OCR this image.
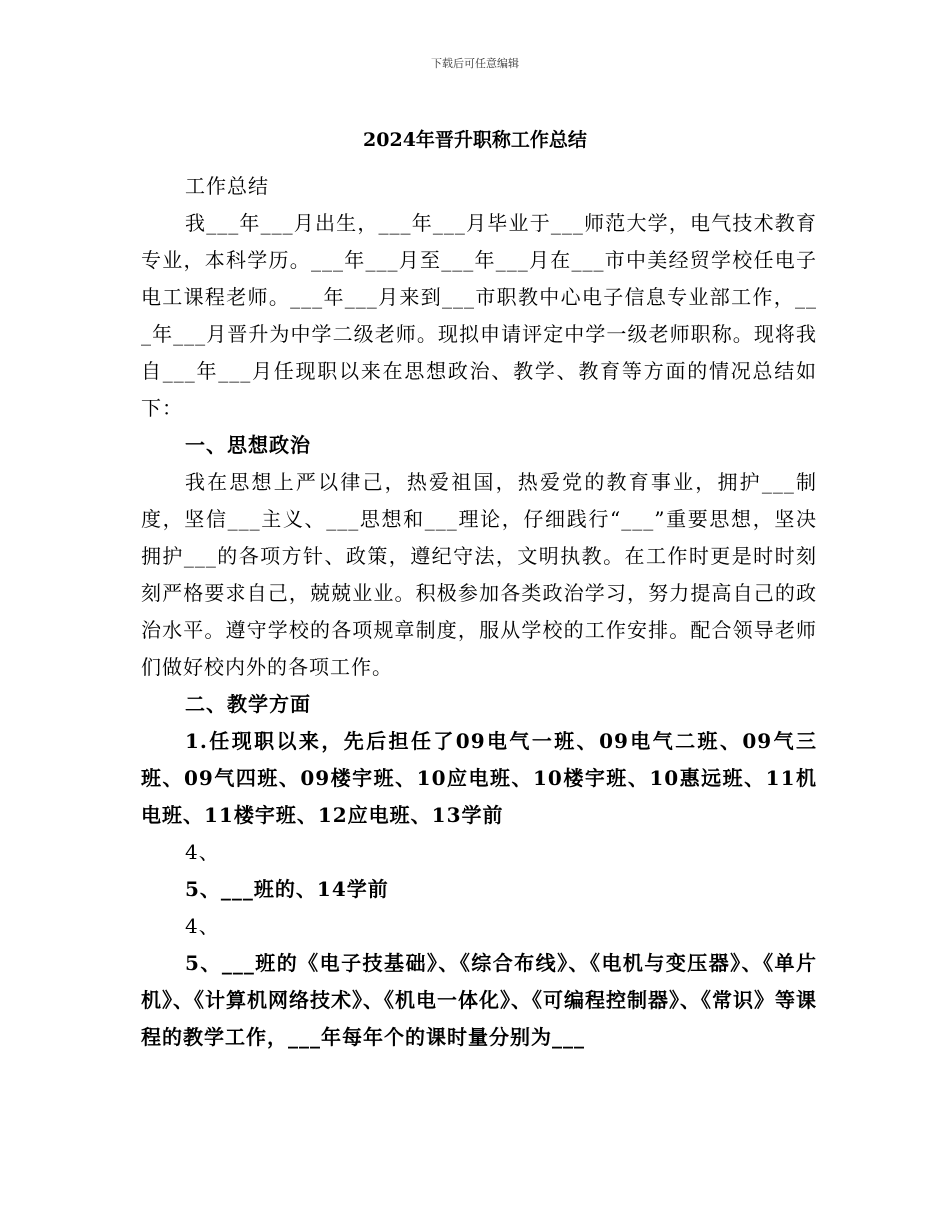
下载后可任意编辑
2024年晋升职称工作总结

工作总结

我___年___月出生，___年___月毕业于___师范大学，电气技术教育专业，本科学历。___年___月至___年___月在___市中美经贸学校任电子电工课程老师。___年___月来到___市职教中心电子信息专业部工作，___年___月晋升为中学二级老师。现拟申请评定中学一级老师职称。现将我自___年___月任现职以来在思想政治、教学、教育等方面的情况总结如下：

一、思想政治

我在思想上严以律己，热爱祖国，热爱党的教育事业，拥护___制度，坚信___主义、___思想和___理论，仔细践行“___”重要思想，坚决拥护___的各项方针、政策，遵纪守法，文明执教。在工作时更是时时刻刻严格要求自己，兢兢业业。积极参加各类政治学习，努力提高自己的政治水平。遵守学校的各项规章制度，服从学校的工作安排。配合领导老师们做好校内外的各项工作。

二、教学方面

1.任现职以来，先后担任了09电气一班、09电气二班、09气三班、09气四班、09楼宇班、10应电班、10楼宇班、10惠远班、11机电班、11楼宇班、12应电班、13学前

4、

5、___班的、14学前

4、

5、___班的《电子技基础》、《综合布线》、《电机与变压器》、《单片机》、《计算机网络技术》、《机电一体化》、《可编程控制器》、《常识》等课程的教学工作，___年每年个的课时量分别为___
